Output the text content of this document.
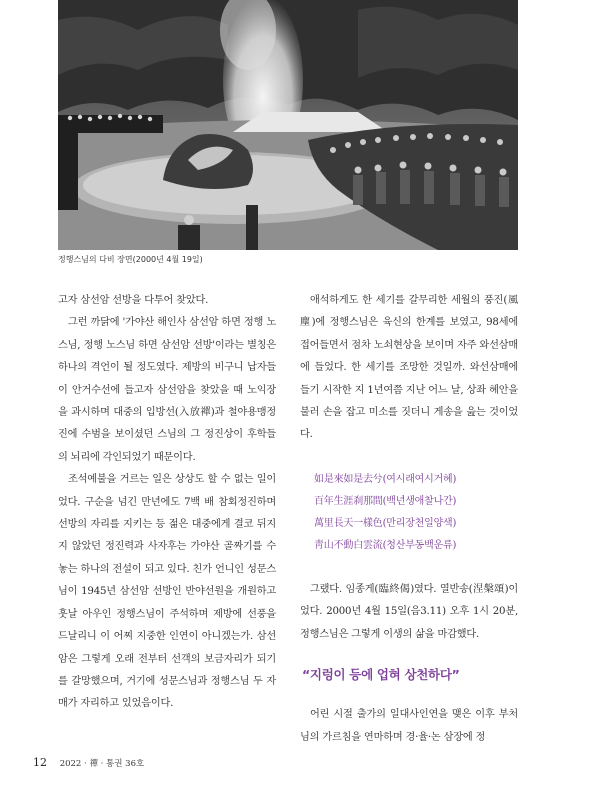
정행스님의 다비 장면(2000년 4월 19일)

고자 삼선암 선방을 다투어 찾았다.

그런 까닭에 '가야산 해인사 삼선암 하면 정행 노스님, 정행 노스님 하면 삼선암 선방'이라는 별칭은 하나의 격언이 될 정도였다. 제방의 비구니 납자들이 안거수선에 들고자 삼선암을 찾았을 때 노익장을 과시하며 대중의 입방선(入放禪)과 철야용맹정진에 수범을 보이셨던 스님의 그 정진상이 후학들의 뇌리에 각인되었기 때문이다.

조석예불을 거르는 일은 상상도 할 수 없는 일이었다. 구순을 넘긴 만년에도 7백 배 참회정진하며 선방의 자리를 지키는 등 젊은 대중에게 결코 뒤지지 않았던 정진력과 사자후는 가야산 골짜기를 수놓는 하나의 전설이 되고 있다. 친가 언니인 성문스님이 1945년 삼선암 선방인 반야선원을 개원하고 훗날 아우인 정행스님이 주석하며 제방에 선풍을 드날리니 이 어찌 지중한 인연이 아니겠는가. 삼선암은 그렇게 오래 전부터 선객의 보금자리가 되기를 갈망했으며, 거기에 성문스님과 정행스님 두 자매가 자리하고 있었음이다.

애석하게도 한 세기를 갈무리한 세월의 풍진(風塵)에 정행스님은 육신의 한계를 보였고, 98세에 접어들면서 점차 노쇠현상을 보이며 자주 와선삼매에 들었다. 한 세기를 조망한 것일까. 와선삼매에 들기 시작한 지 1년여쯤 지난 어느 날, 상좌 혜안을 불러 손을 잡고 미소를 짓더니 게송을 읊는 것이었다.

如是來如是去兮(여시래여시거혜)
百年生涯刹那間(백년생애찰나간)
萬里長天一樣色(만리장천일양색)
靑山不動白雲流(청산부동백운류)

그랬다. 임종게(臨終偈)였다. 열반송(涅槃頌)이었다. 2000년 4월 15일(음3.11) 오후 1시 20분, 정행스님은 그렇게 이생의 삶을 마감했다.

“지렁이 등에 업혀 상천하다”

어린 시절 출가의 일대사인연을 맺은 이후 부처님의 가르침을 연마하며 경·율·논 삼장에 정

12 2022 · 禪 · 통권 36호
